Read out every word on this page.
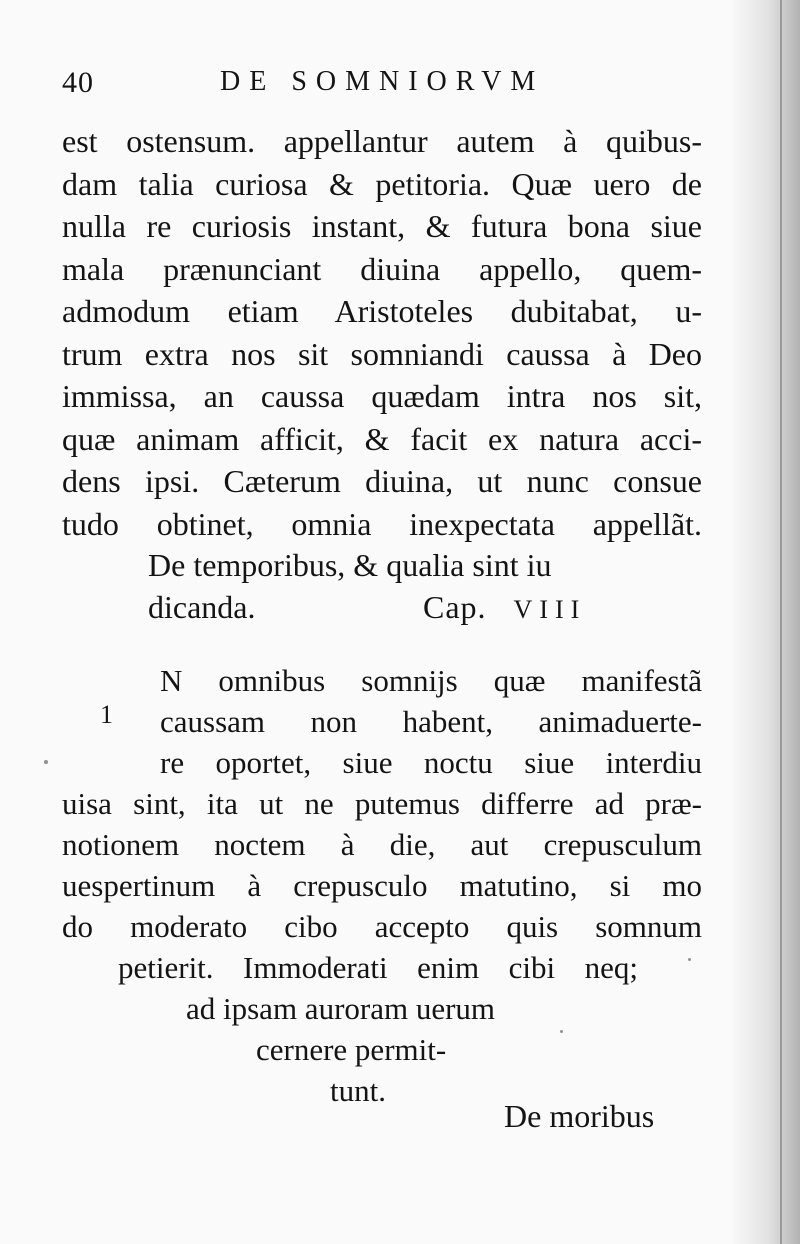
40	DE SOMNIORVM
est ostensum. appellantur autem à quibus-
dam talia curiosa & petitoria. Quæ uero de
nulla re curiosis instant, & futura bona siue
mala prænunciant diuina appello, quem-
admodum etiam Aristoteles dubitabat, u-
trum extra nos sit somniandi caussa à Deo
immissa, an caussa quædam intra nos sit,
quæ animam afficit, & facit ex natura acci-
dens ipsi. Cæterum diuina, ut nunc consue
tudo obtinet, omnia inexpectata appellãt.
De temporibus, & qualia sint iu
dicanda.	Cap. VIII
1
N omnibus somnijs quæ manifestã
caussam non habent, animaduerte-
re oportet, siue noctu siue interdiu
uisa sint, ita ut ne putemus differre ad præ-
notionem noctem à die, aut crepusculum
uespertinum à crepusculo matutino, si mo
do moderato cibo accepto quis somnum
petierit. Immoderati enim cibi neq;
ad ipsam auroram uerum
cernere permit-
tunt.
De moribus
